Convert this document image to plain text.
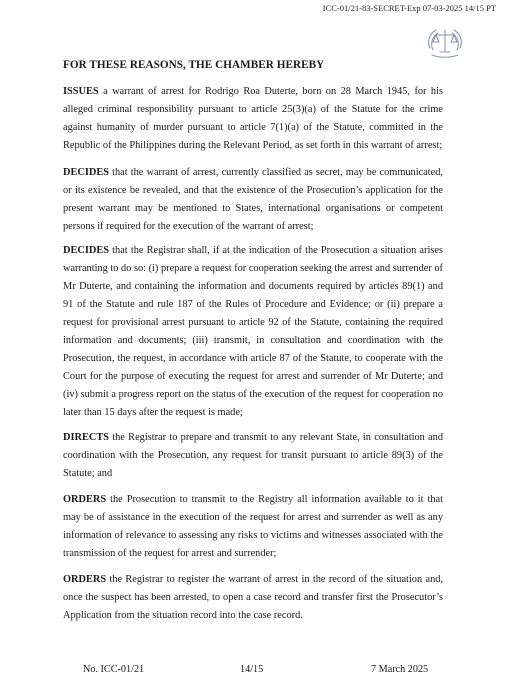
ICC-01/21-83-SECRET-Exp 07-03-2025 14/15 PT
FOR THESE REASONS, THE CHAMBER HEREBY

ISSUES a warrant of arrest for Rodrigo Roa Duterte, born on 28 March 1945, for his alleged criminal responsibility pursuant to article 25(3)(a) of the Statute for the crime against humanity of murder pursuant to article 7(1)(a) of the Statute, committed in the Republic of the Philippines during the Relevant Period, as set forth in this warrant of arrest;

DECIDES that the warrant of arrest, currently classified as secret, may be communicated, or its existence be revealed, and that the existence of the Prosecution’s application for the present warrant may be mentioned to States, international organisations or competent persons if required for the execution of the warrant of arrest;

DECIDES that the Registrar shall, if at the indication of the Prosecution a situation arises warranting to do so: (i) prepare a request for cooperation seeking the arrest and surrender of Mr Duterte, and containing the information and documents required by articles 89(1) and 91 of the Statute and rule 187 of the Rules of Procedure and Evidence; or (ii) prepare a request for provisional arrest pursuant to article 92 of the Statute, containing the required information and documents; (iii) transmit, in consultation and coordination with the Prosecution, the request, in accordance with article 87 of the Statute, to cooperate with the Court for the purpose of executing the request for arrest and surrender of Mr Duterte; and (iv) submit a progress report on the status of the execution of the request for cooperation no later than 15 days after the request is made;

DIRECTS the Registrar to prepare and transmit to any relevant State, in consultation and coordination with the Prosecution, any request for transit pursuant to article 89(3) of the Statute; and

ORDERS the Prosecution to transmit to the Registry all information available to it that may be of assistance in the execution of the request for arrest and surrender as well as any information of relevance to assessing any risks to victims and witnesses associated with the transmission of the request for arrest and surrender;

ORDERS the Registrar to register the warrant of arrest in the record of the situation and, once the suspect has been arrested, to open a case record and transfer first the Prosecutor’s Application from the situation record into the case record.

No. ICC-01/21	14/15	7 March 2025
